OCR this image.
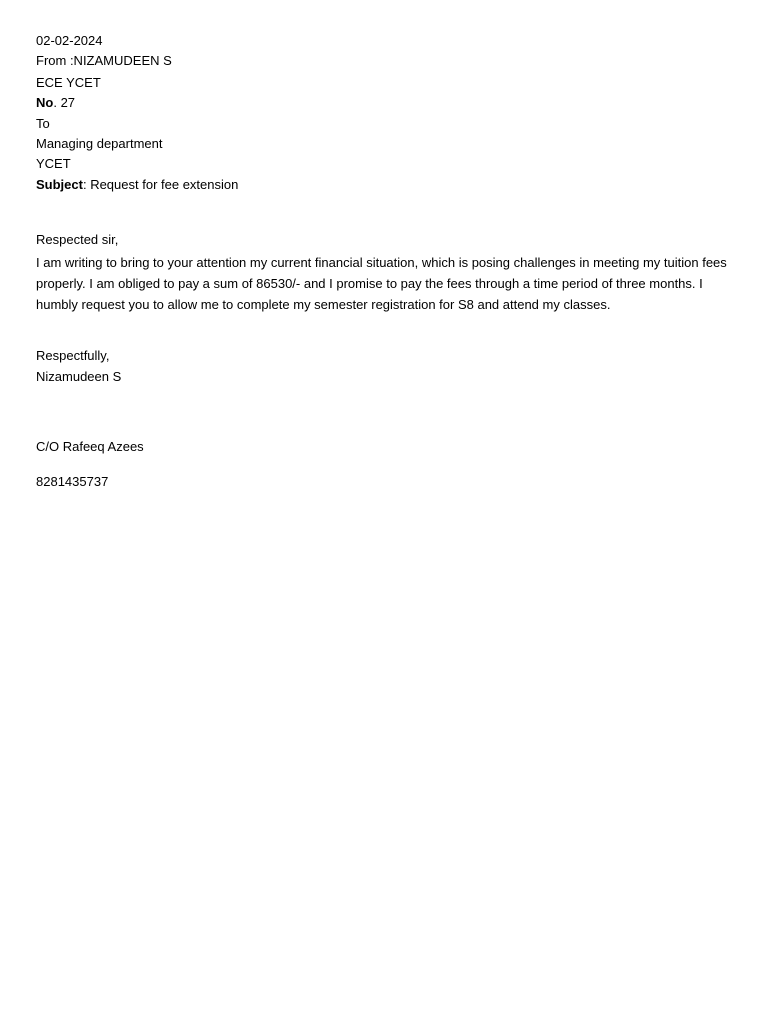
02-02-2024
From :NIZAMUDEEN S
ECE YCET
No. 27
To
Managing department
YCET
Subject: Request for fee extension
Respected sir,
I am writing to bring to your attention my current financial situation, which is posing challenges in meeting my tuition fees properly. I am obliged to pay a sum of 86530/- and I promise to pay the fees through a time period of three months. I humbly request you to allow me to complete my semester registration for S8 and attend my classes.
Respectfully,
Nizamudeen S
C/O Rafeeq Azees
8281435737
